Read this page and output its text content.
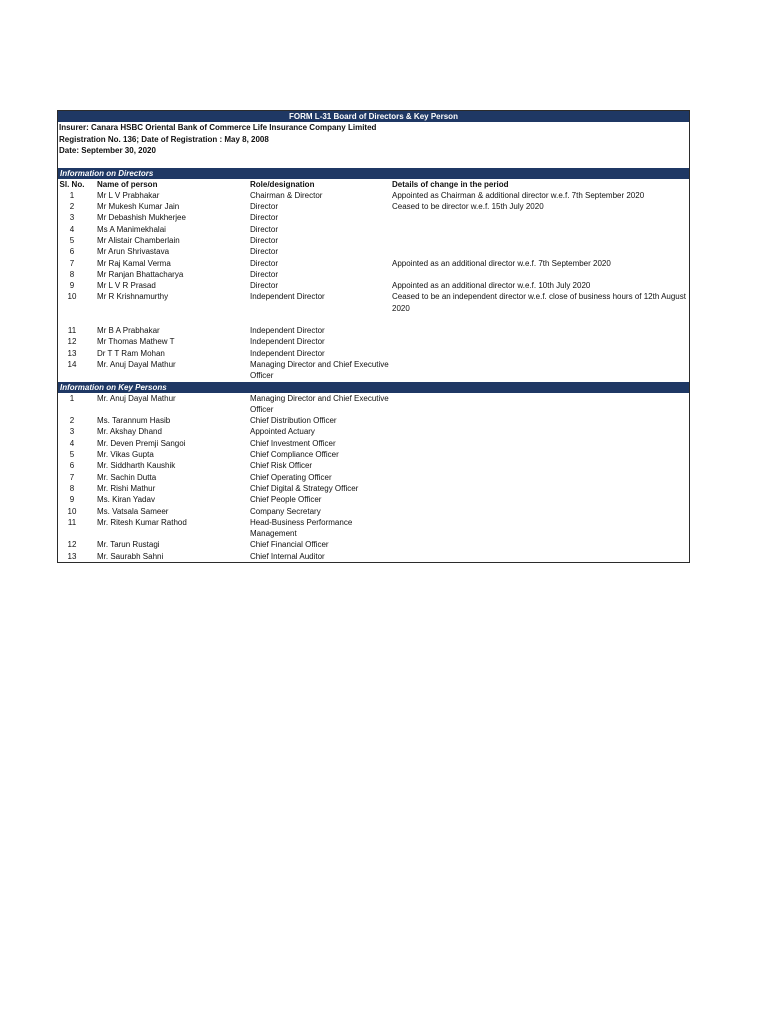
FORM L-31 Board of Directors & Key Person
Insurer: Canara HSBC Oriental Bank of Commerce Life Insurance Company Limited
Registration No. 136; Date of Registration : May 8, 2008
Date: September 30, 2020
Information on Directors
Sl. No.	Name of person	Role/designation	Details of change in the period
1	Mr L V Prabhakar	Chairman & Director	Appointed as Chairman & additional director w.e.f. 7th September 2020
2	Mr Mukesh Kumar Jain	Director	Ceased to be director w.e.f. 15th July 2020
3	Mr Debashish Mukherjee	Director	
4	Ms A Manimekhalai	Director	
5	Mr Alistair Chamberlain	Director	
6	Mr Arun Shrivastava	Director	
7	Mr Raj Kamal Verma	Director	Appointed as an additional director w.e.f. 7th September 2020
8	Mr Ranjan Bhattacharya	Director	
9	Mr L V R Prasad	Director	Appointed as an additional director w.e.f. 10th July 2020
10	Mr R Krishnamurthy	Independent Director	Ceased to be an independent director w.e.f. close of business hours of 12th August 2020

11	Mr B A Prabhakar	Independent Director	
12	Mr Thomas Mathew T	Independent Director	
13	Dr T T Ram Mohan	Independent Director	
14	Mr. Anuj Dayal Mathur	Managing Director and Chief Executive Officer	
Information on Key Persons
1	Mr. Anuj Dayal Mathur	Managing Director and Chief Executive Officer	
2	Ms. Tarannum Hasib	Chief Distribution Officer	
3	Mr. Akshay Dhand	Appointed Actuary	
4	Mr. Deven Premji Sangoi	Chief Investment Officer	
5	Mr. Vikas Gupta	Chief Compliance Officer	
6	Mr. Siddharth Kaushik	Chief Risk Officer	
7	Mr. Sachin Dutta	Chief Operating Officer	
8	Mr. Rishi Mathur	Chief Digital & Strategy Officer	
9	Ms. Kiran Yadav	Chief People Officer	
10	Ms. Vatsala Sameer	Company Secretary	
11	Mr. Ritesh Kumar Rathod	Head-Business Performance Management	
12	Mr. Tarun Rustagi	Chief Financial Officer	
13	Mr. Saurabh Sahni	Chief Internal Auditor	
